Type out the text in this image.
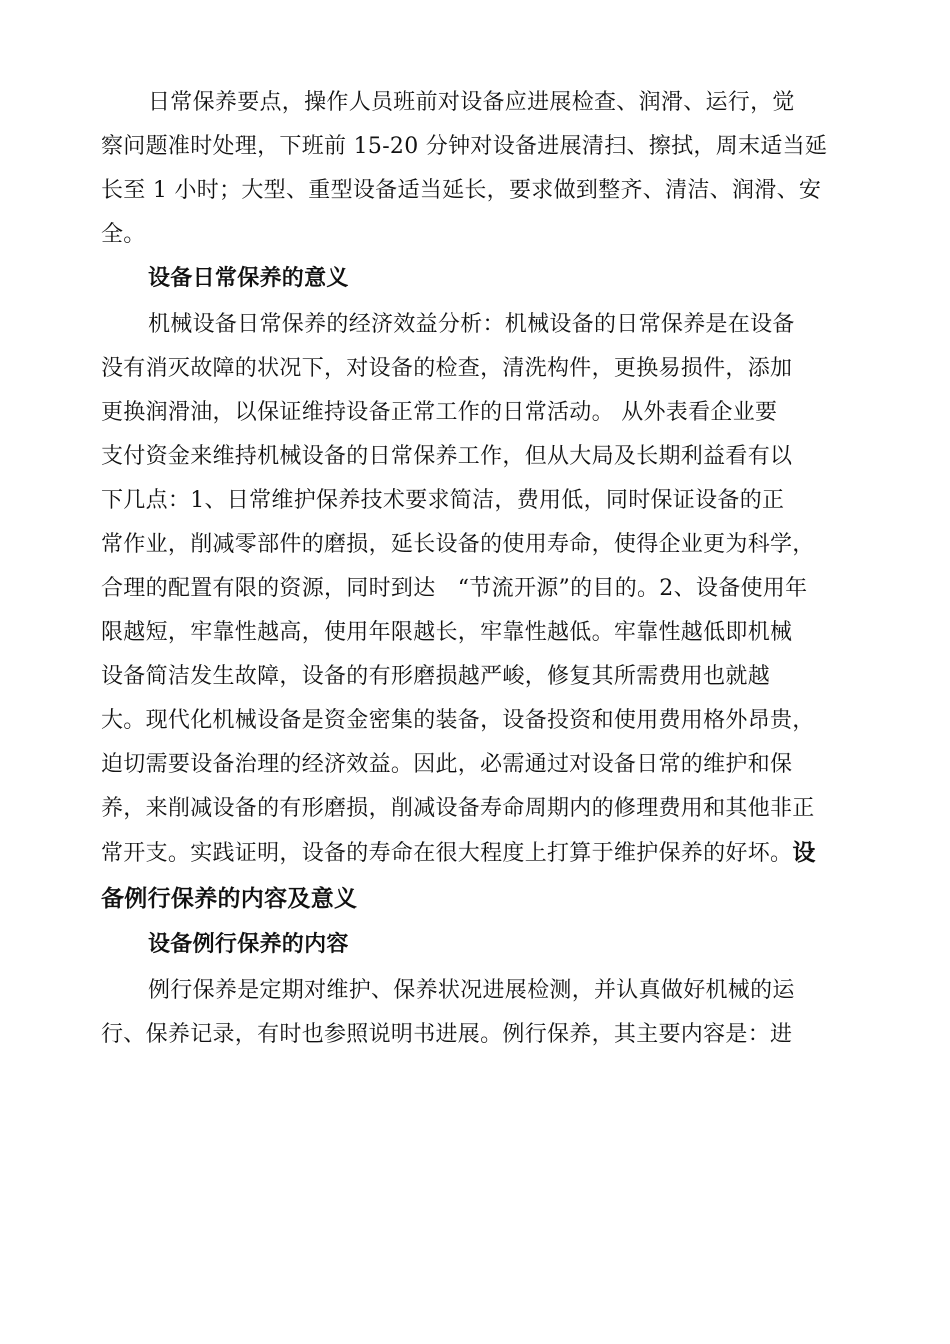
日常保养要点，操作人员班前对设备应进展检查、润滑、运行，觉
察问题准时处理，下班前 15-20 分钟对设备进展清扫、擦拭，周末适当延
长至 1 小时；大型、重型设备适当延长，要求做到整齐、清洁、润滑、安
全。
设备日常保养的意义
机械设备日常保养的经济效益分析：机械设备的日常保养是在设备
没有消灭故障的状况下，对设备的检查，清洗构件，更换易损件，添加
更换润滑油，以保证维持设备正常工作的日常活动。 从外表看企业要
支付资金来维持机械设备的日常保养工作，但从大局及长期利益看有以
下几点：1、日常维护保养技术要求简洁，费用低，同时保证设备的正
常作业，削减零部件的磨损，延长设备的使用寿命，使得企业更为科学，
合理的配置有限的资源，同时到达　“节流开源”的目的。2、设备使用年
限越短，牢靠性越高，使用年限越长，牢靠性越低。牢靠性越低即机械
设备简洁发生故障，设备的有形磨损越严峻，修复其所需费用也就越
大。现代化机械设备是资金密集的装备，设备投资和使用费用格外昂贵，
迫切需要设备治理的经济效益。因此，必需通过对设备日常的维护和保
养，来削减设备的有形磨损，削减设备寿命周期内的修理费用和其他非正
常开支。实践证明，设备的寿命在很大程度上打算于维护保养的好坏。设
备例行保养的内容及意义
设备例行保养的内容
例行保养是定期对维护、保养状况进展检测，并认真做好机械的运
行、保养记录，有时也参照说明书进展。例行保养，其主要内容是：进
